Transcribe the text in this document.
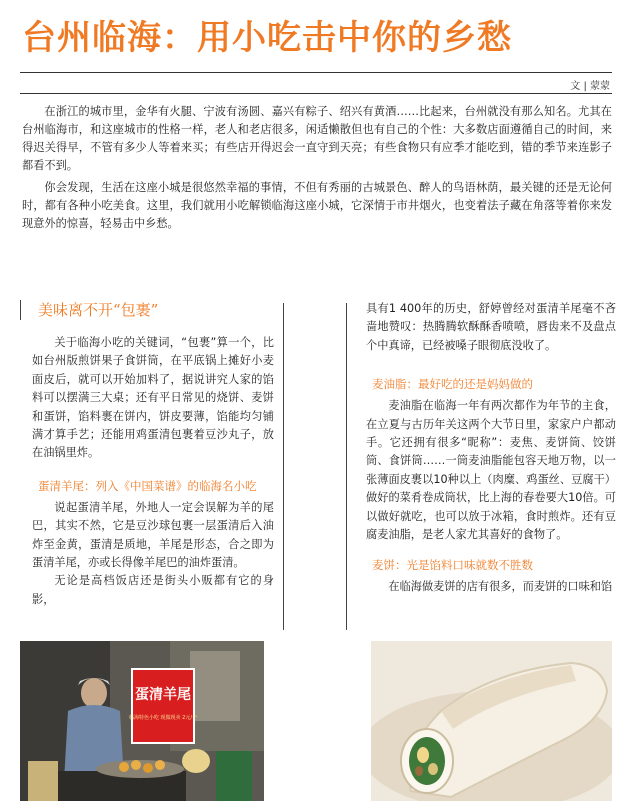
台州临海：用小吃击中你的乡愁
文 | 蒙蒙

在浙江的城市里，金华有火腿、宁波有汤圆、嘉兴有粽子、绍兴有黄酒……比起来，台州就没有那么知名。尤其在台州临海市，和这座城市的性格一样，老人和老店很多，闲适懒散但也有自己的个性：大多数店面遵循自己的时间，来得迟关得早，不管有多少人等着来买；有些店开得迟会一直守到天亮；有些食物只有应季才能吃到，错的季节来连影子都看不到。

你会发现，生活在这座小城是很悠然幸福的事情，不但有秀丽的古城景色、醉人的鸟语林荫，最关键的还是无论何时，都有各种小吃美食。这里，我们就用小吃解锁临海这座小城，它深情于市井烟火，也变着法子藏在角落等着你来发现意外的惊喜，轻易击中乡愁。

美味离不开“包裹”

关于临海小吃的关键词，“包裹”算一个，比如台州版煎饼果子食饼筒，在平底锅上摊好小麦面皮后，就可以开始加料了，据说讲究人家的馅料可以摆满三大桌；还有平日常见的烧饼、麦饼和蛋饼，馅料裹在饼内，饼皮要薄，馅能均匀铺满才算手艺；还能用鸡蛋清包裹着豆沙丸子，放在油锅里炸。

蛋清羊尾：列入《中国菜谱》的临海名小吃

说起蛋清羊尾，外地人一定会误解为羊的尾巴，其实不然，它是豆沙球包裹一层蛋清后入油炸至金黄，蛋清是质地，羊尾是形态，合之即为蛋清羊尾，亦或长得像羊尾巴的油炸蛋清。

无论是高档饭店还是街头小贩都有它的身影，

具有1 400年的历史，舒婷曾经对蛋清羊尾毫不吝啬地赞叹：热腾腾软酥酥香喷喷，唇齿来不及盘点个中真谛，已经被嗓子眼彻底没收了。

麦油脂：最好吃的还是妈妈做的

麦油脂在临海一年有两次都作为年节的主食，在立夏与古历年关这两个大节日里，家家户户都动手。它还拥有很多“昵称”：麦焦、麦饼筒、饺饼筒、食饼筒……一筒麦油脂能包容天地万物，以一张薄面皮裹以10种以上（肉糜、鸡蛋丝、豆腐干）做好的菜肴卷成筒状，比上海的春卷要大10倍。可以做好就吃，也可以放于冰箱，食时煎炸。还有豆腐麦油脂，是老人家尤其喜好的食物了。

麦饼：光是馅料口味就数不胜数

在临海做麦饼的店有很多，而麦饼的口味和馅

蛋清羊尾
临海特色小吃 现做现卖 2元/个
